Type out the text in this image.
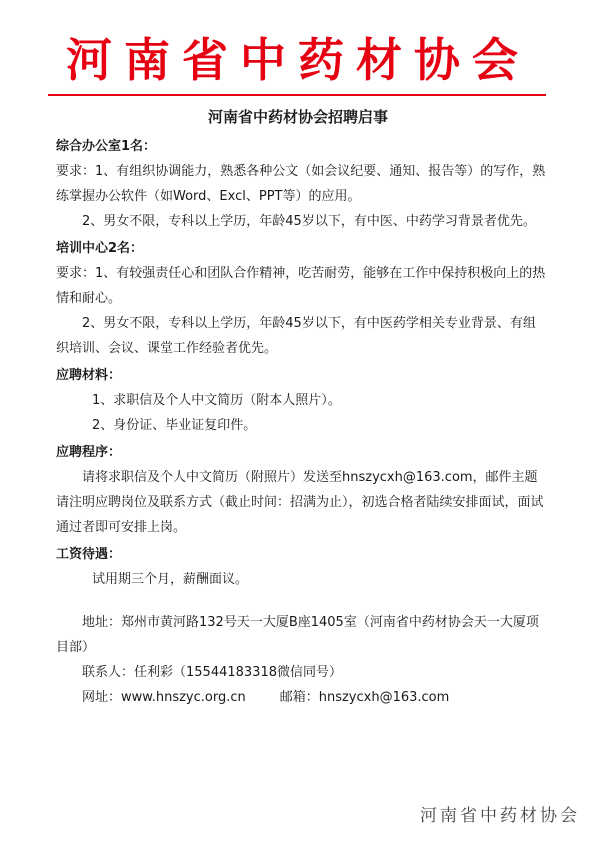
河南省中药材协会
河南省中药材协会招聘启事
综合办公室1名：

要求：1、有组织协调能力，熟悉各种公文（如会议纪要、通知、报告等）的写作，熟练掌握办公软件（如Word、Excl、PPT等）的应用。

2、男女不限，专科以上学历，年龄45岁以下，有中医、中药学习背景者优先。

培训中心2名：

要求：1、有较强责任心和团队合作精神，吃苦耐劳，能够在工作中保持积极向上的热情和耐心。

2、男女不限，专科以上学历，年龄45岁以下，有中医药学相关专业背景、有组织培训、会议、课堂工作经验者优先。

应聘材料：

1、求职信及个人中文简历（附本人照片）。

2、身份证、毕业证复印件。

应聘程序：

请将求职信及个人中文简历（附照片）发送至hnszycxh@163.com，邮件主题请注明应聘岗位及联系方式（截止时间：招满为止），初选合格者陆续安排面试，面试通过者即可安排上岗。

工资待遇：

试用期三个月，薪酬面议。

地址：郑州市黄河路132号天一大厦B座1405室（河南省中药材协会天一大厦项目部）

联系人：任利彩（15544183318微信同号）

网址：www.hnszyc.org.cn	邮箱：hnszycxh@163.com

河南省中药材协会
